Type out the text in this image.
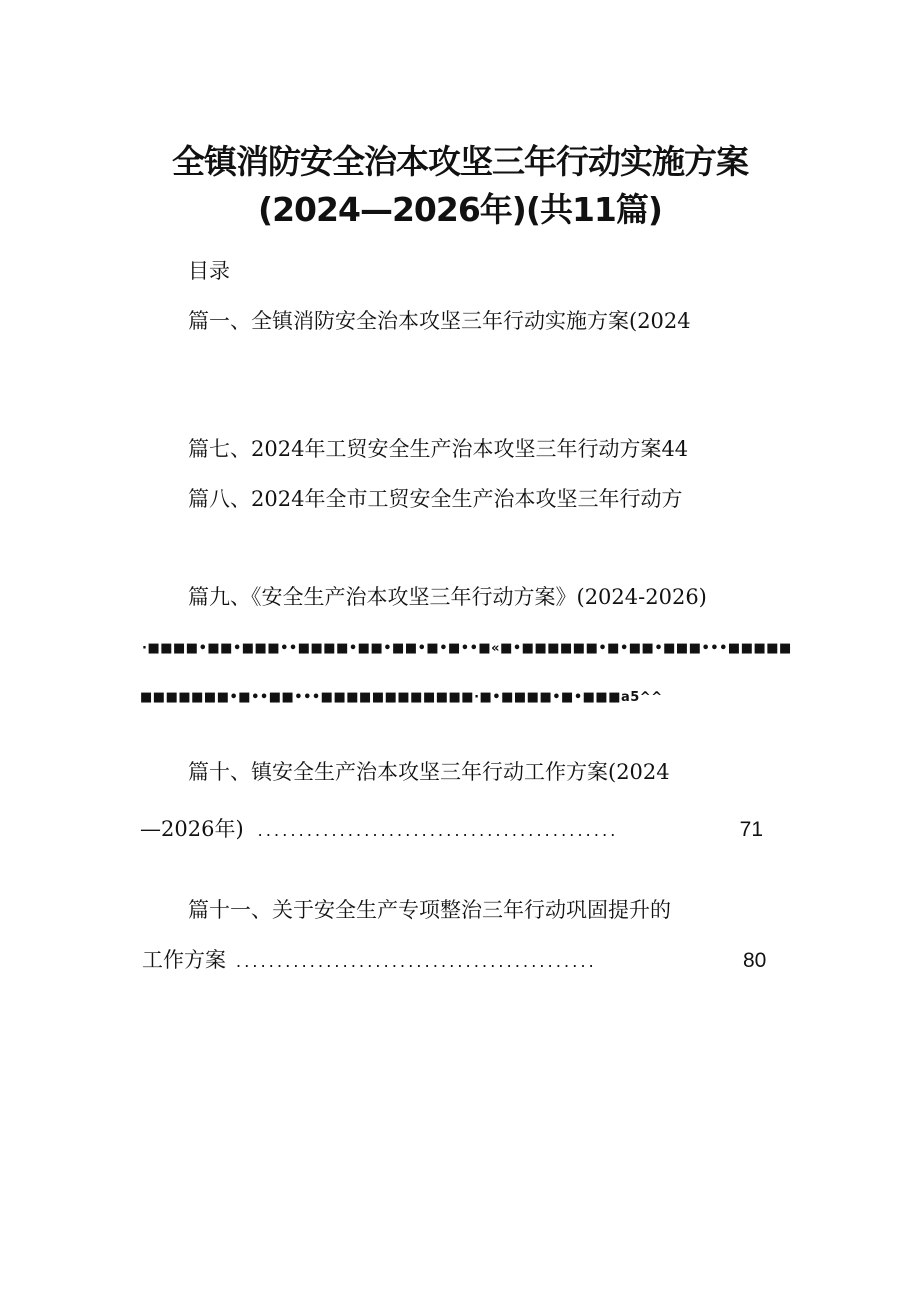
全镇消防安全治本攻坚三年行动实施方案
(2024—2026年)(共11篇)
目录
篇一、全镇消防安全治本攻坚三年行动实施方案(2024
篇七、2024年工贸安全生产治本攻坚三年行动方案44
篇八、2024年全市工贸安全生产治本攻坚三年行动方
篇九、《安全生产治本攻坚三年行动方案》(2024-2026)
·■■■■•■■•■■■••■■■■•■■•■■•■•■••■«■•■■■■■■•■•■■•■■■•••■■■■■
■■■■■■■•■••■■•••■■■■■■■■■■■■·■•■■■■•■•■■■a5^^
篇十、镇安全生产治本攻坚三年行动工作方案(2024
—2026年) ............................................	71
篇十一、关于安全生产专项整治三年行动巩固提升的
工作方案 ............................................	80
